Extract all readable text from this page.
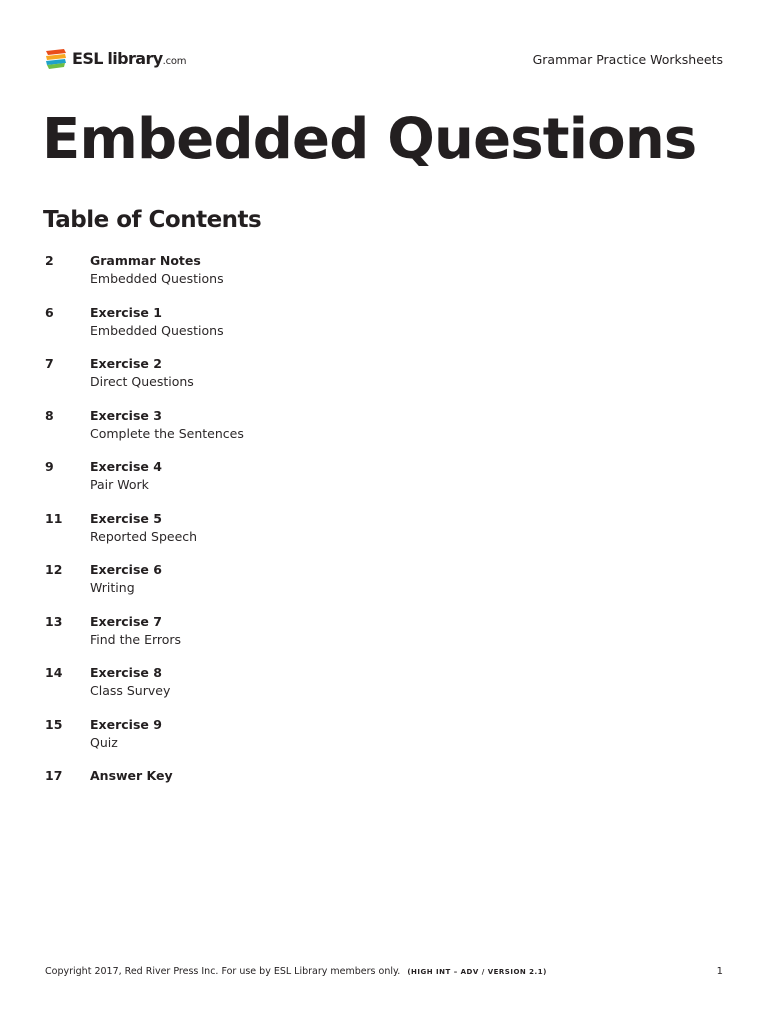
ESL library.com	Grammar Practice Worksheets
Embedded Questions
Table of Contents
2	Grammar Notes
Embedded Questions
6	Exercise 1
Embedded Questions
7	Exercise 2
Direct Questions
8	Exercise 3
Complete the Sentences
9	Exercise 4
Pair Work
11 Exercise 5
Reported Speech
12 Exercise 6
Writing
13 Exercise 7
Find the Errors
14 Exercise 8
Class Survey
15 Exercise 9
Quiz
17 Answer Key
Copyright 2017, Red River Press Inc. For use by ESL Library members only. (HIGH INT – ADV / VERSION 2.1)	1
